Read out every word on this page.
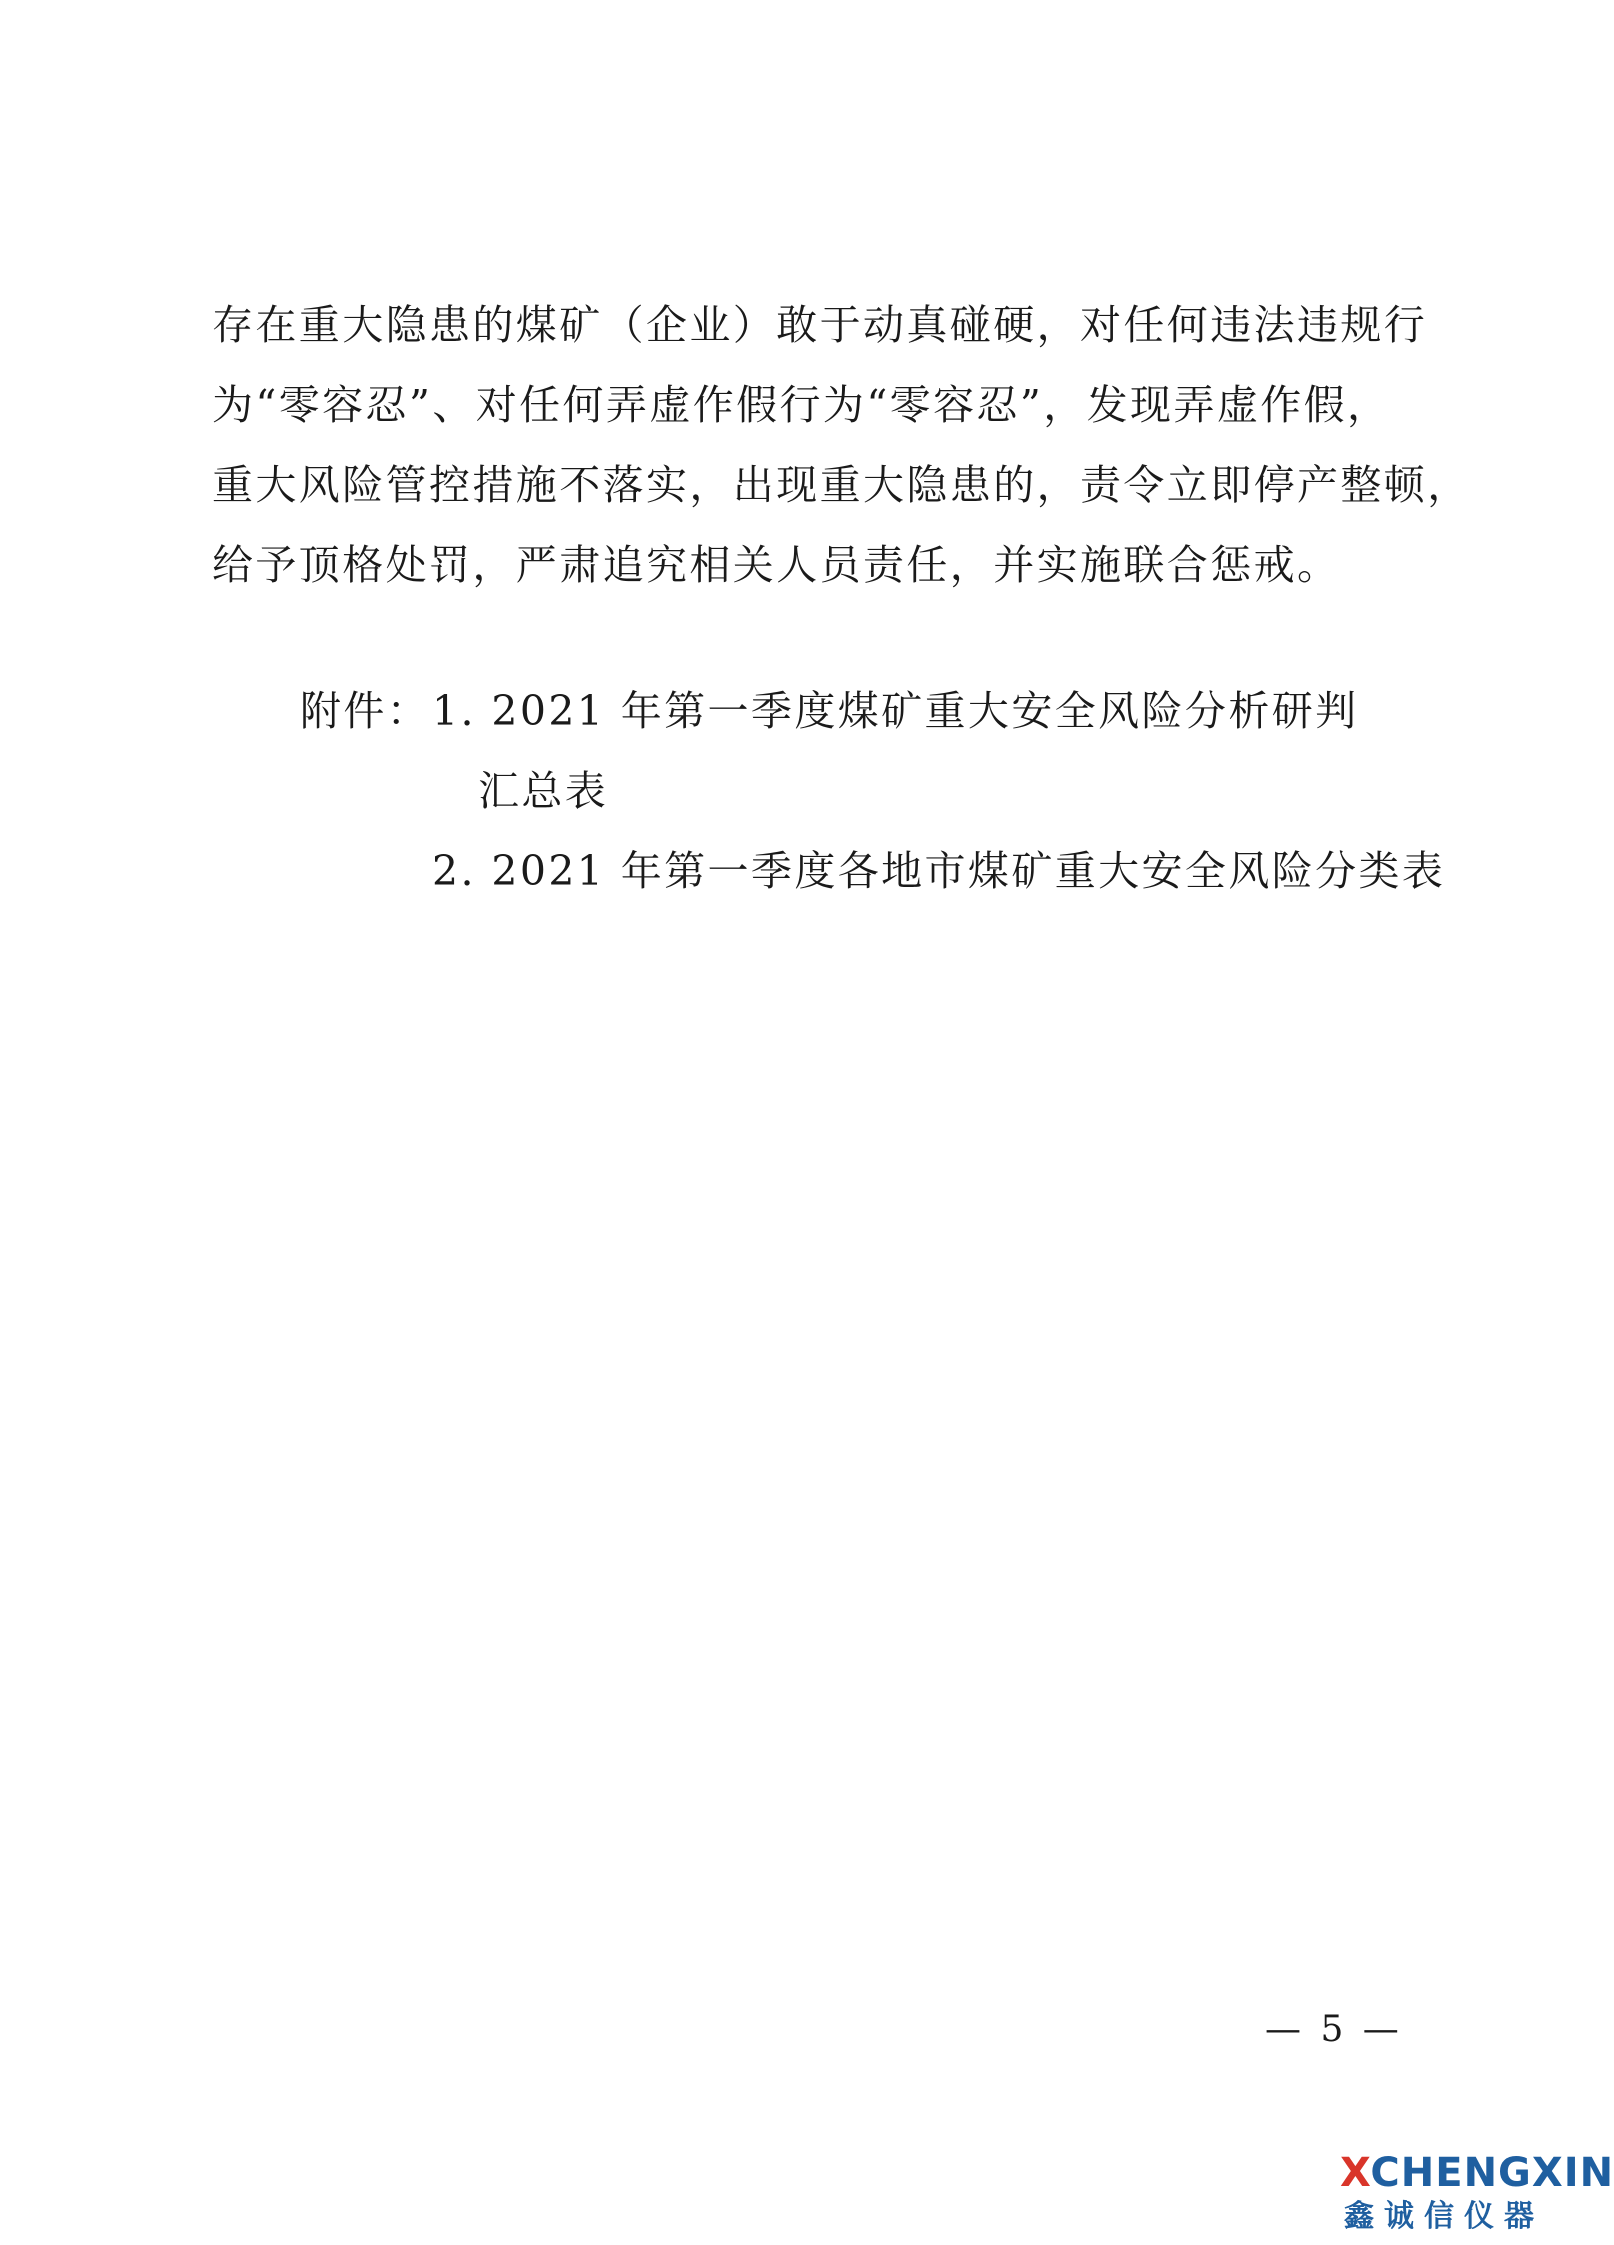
存在重大隐患的煤矿（企业）敢于动真碰硬，对任何违法违规行
为“零容忍”、对任何弄虚作假行为“零容忍”，发现弄虚作假，
重大风险管控措施不落实，出现重大隐患的，责令立即停产整顿，
给予顶格处罚，严肃追究相关人员责任，并实施联合惩戒。
附件： 1. 2021 年第一季度煤矿重大安全风险分析研判
汇总表
2. 2021 年第一季度各地市煤矿重大安全风险分类表
— 5 —
XCHENGXIN
鑫诚信仪器
